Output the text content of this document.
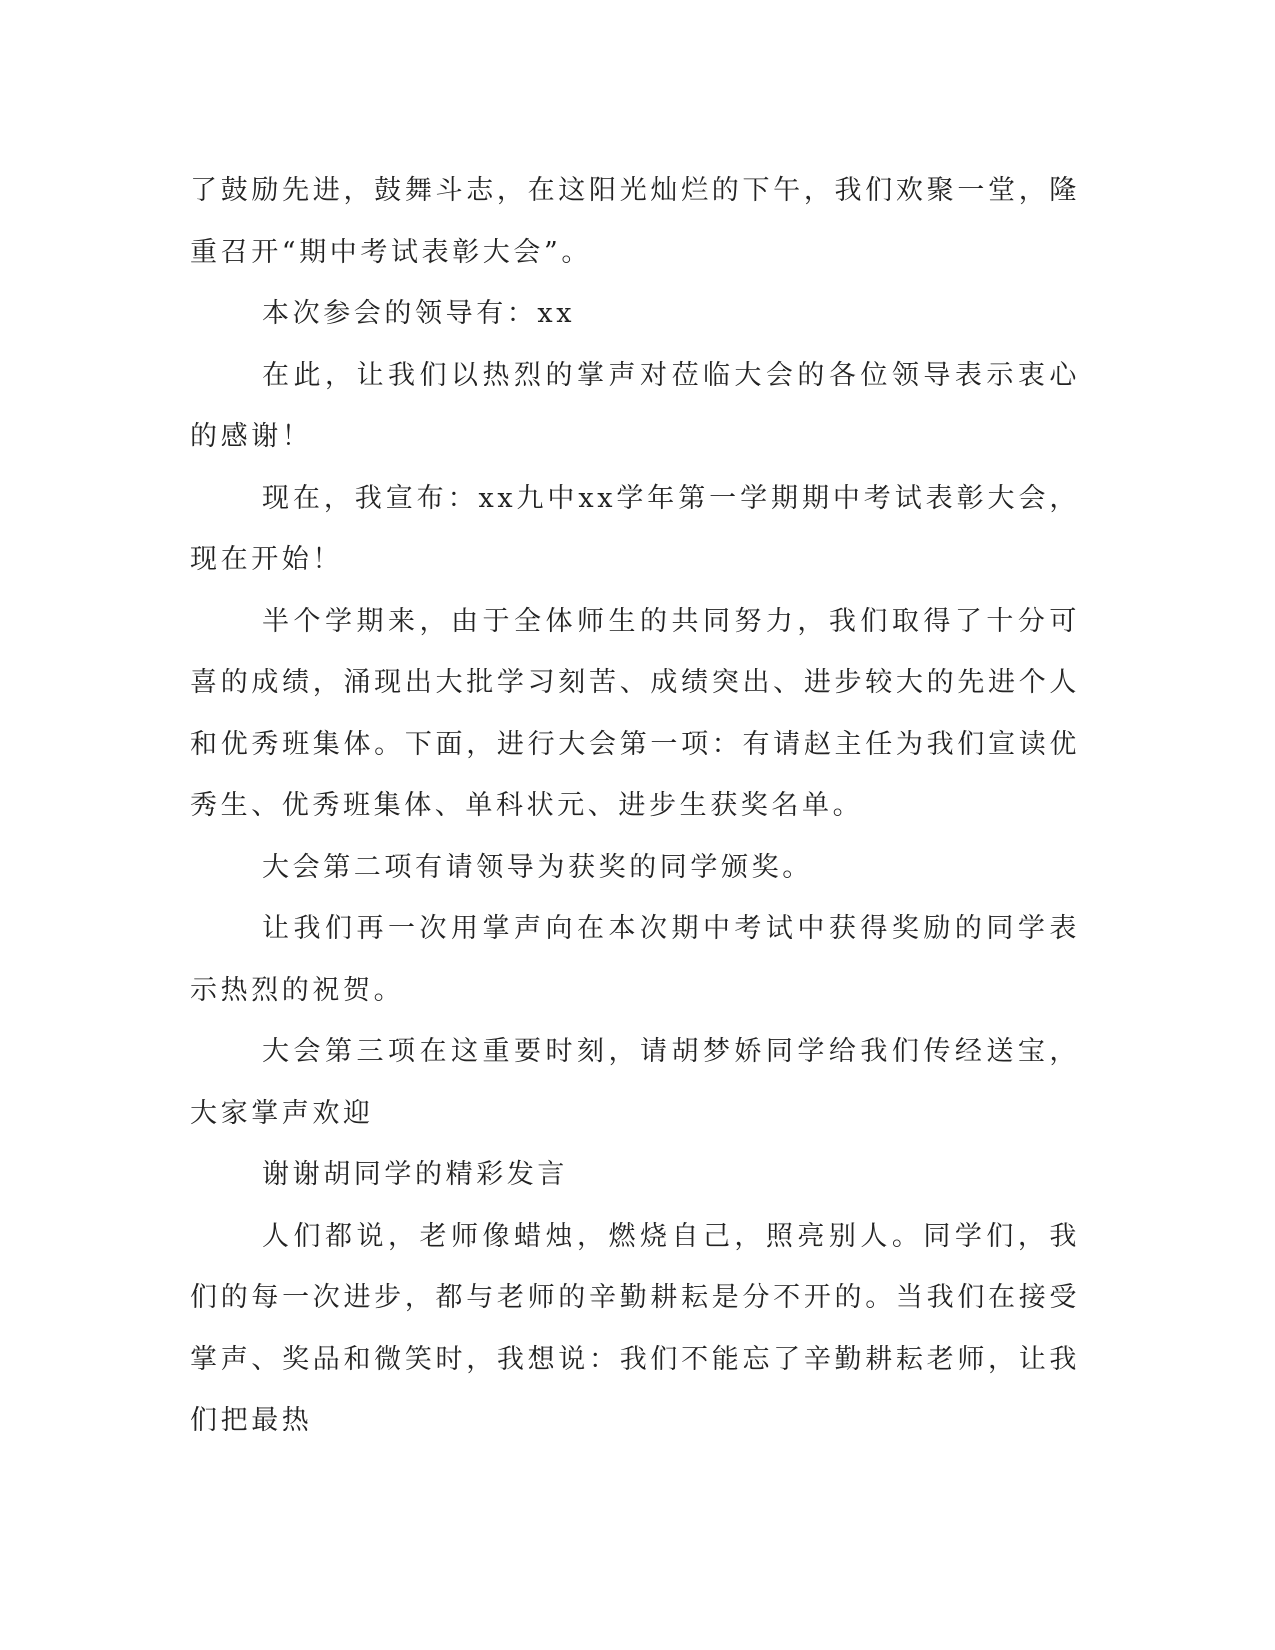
了鼓励先进，鼓舞斗志，在这阳光灿烂的下午，我们欢聚一堂，隆重召开“期中考试表彰大会”。

本次参会的领导有：xx

在此，让我们以热烈的掌声对莅临大会的各位领导表示衷心的感谢！

现在，我宣布：xx九中xx学年第一学期期中考试表彰大会，现在开始！

半个学期来，由于全体师生的共同努力，我们取得了十分可喜的成绩，涌现出大批学习刻苦、成绩突出、进步较大的先进个人和优秀班集体。下面，进行大会第一项：有请赵主任为我们宣读优秀生、优秀班集体、单科状元、进步生获奖名单。

大会第二项有请领导为获奖的同学颁奖。

让我们再一次用掌声向在本次期中考试中获得奖励的同学表示热烈的祝贺。

大会第三项在这重要时刻，请胡梦娇同学给我们传经送宝，大家掌声欢迎

谢谢胡同学的精彩发言

人们都说，老师像蜡烛，燃烧自己，照亮别人。同学们，我们的每一次进步，都与老师的辛勤耕耘是分不开的。当我们在接受掌声、奖品和微笑时，我想说：我们不能忘了辛勤耕耘老师，让我们把最热
